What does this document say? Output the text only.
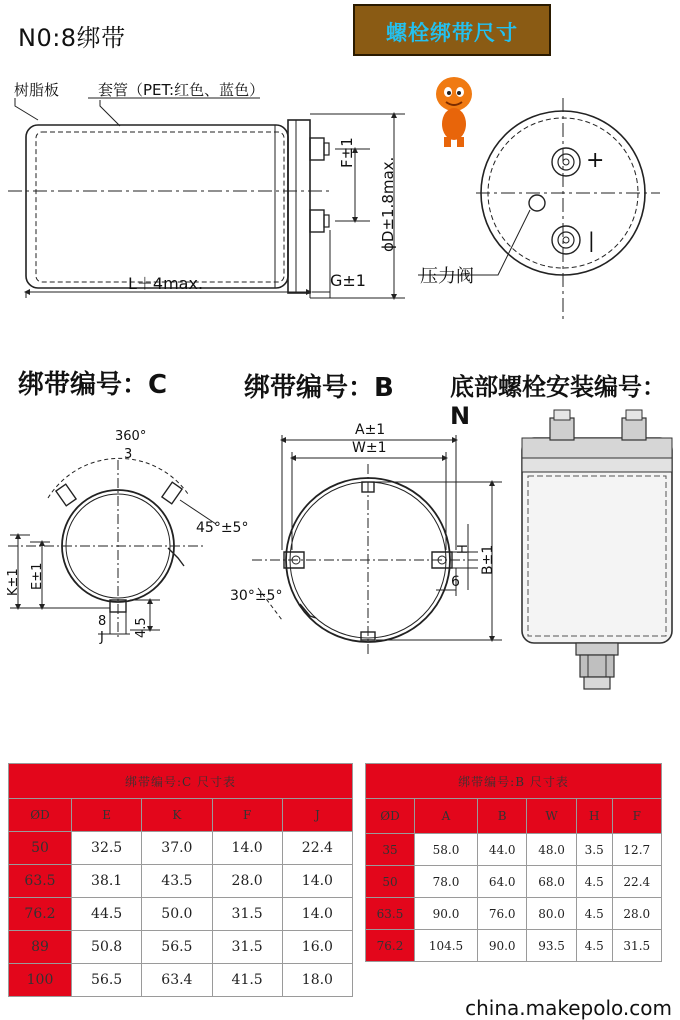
N0:8绑带	螺栓绑带尺寸
树脂板	套管（PET:红色、蓝色）
F±1
ϕD±1.8max.
L＋4max.	G±1	压力阀
+
|
绑带编号：C	绑带编号：B 底部螺栓安装编号：N
360°
3
45°±5°
K±1 E±1
8
J 4.5
A±1
W±1
H B±1
6
30°±5°
绑带编号:C 尺寸表				
ØD	E	K	F	J
50	32.5	37.0	14.0	22.4
63.5	38.1	43.5	28.0	14.0
76.2	44.5	50.0	31.5	14.0
89	50.8	56.5	31.5	16.0
100	56.5	63.4	41.5	18.0
绑带编号:B 尺寸表					
ØD	A	B	W	H	F
35	58.0	44.0	48.0	3.5	12.7
50	78.0	64.0	68.0	4.5	22.4
63.5	90.0	76.0	80.0	4.5	28.0
76.2	104.5	90.0	93.5	4.5	31.5
china.makepolo.com
